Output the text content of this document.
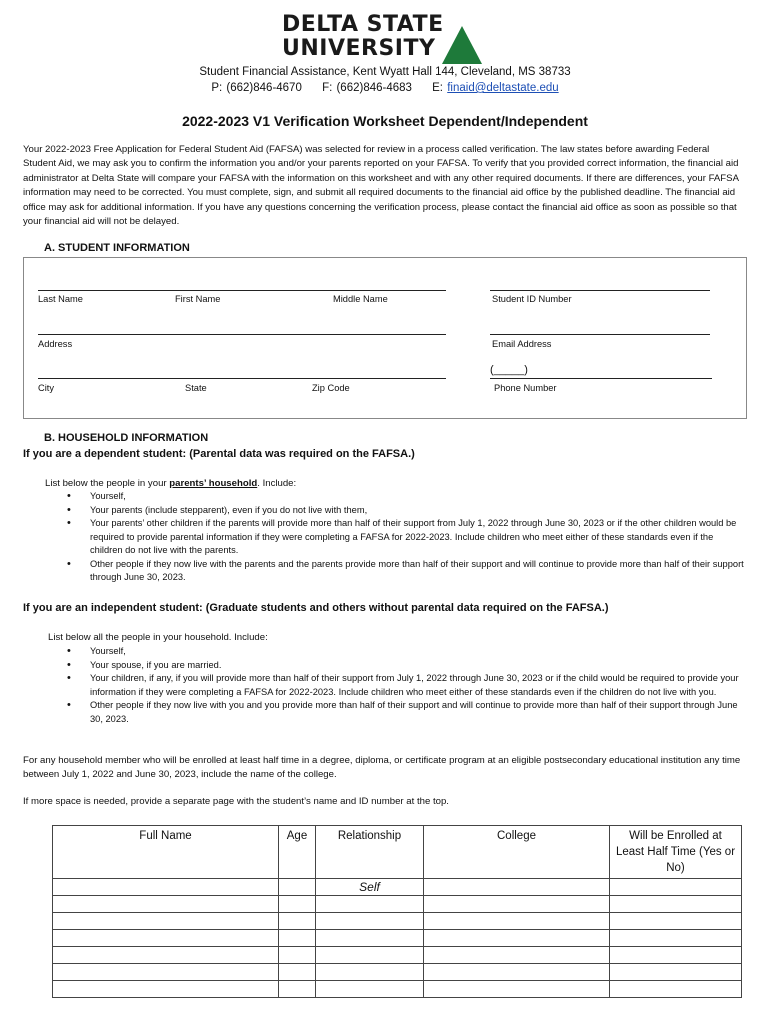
DELTA STATE
UNIVERSITY
Student Financial Assistance, Kent Wyatt Hall 144, Cleveland, MS 38733
P: (662)846-4670 F: (662)846-4683 E: finaid@deltastate.edu
2022-2023 V1 Verification Worksheet Dependent/Independent
Your 2022-2023 Free Application for Federal Student Aid (FAFSA) was selected for review in a process called verification. The law states before awarding Federal Student Aid, we may ask you to confirm the information you and/or your parents reported on your FAFSA. To verify that you provided correct information, the financial aid administrator at Delta State will compare your FAFSA with the information on this worksheet and with any other required documents. If there are differences, your FAFSA information may need to be corrected. You must complete, sign, and submit all required documents to the financial aid office by the published deadline. The financial aid office may ask for additional information. If you have any questions concerning the verification process, please contact the financial aid office as soon as possible so that your financial aid will not be delayed.
A. STUDENT INFORMATION
Last Name	First Name	Middle Name	Student ID Number
Address	Email Address
(_____)
City	State	Zip Code	Phone Number
B. HOUSEHOLD INFORMATION
If you are a dependent student: (Parental data was required on the FAFSA.)
List below the people in your parents’ household. Include:
• Yourself,
• Your parents (include stepparent), even if you do not live with them,
• Your parents’ other children if the parents will provide more than half of their support from July 1, 2022 through June 30, 2023 or if the other children would be required to provide parental information if they were completing a FAFSA for 2022-2023. Include children who meet either of these standards even if the children do not live with the parents.
• Other people if they now live with the parents and the parents provide more than half of their support and will continue to provide more than half of their support through June 30, 2023.
If you are an independent student: (Graduate students and others without parental data required on the FAFSA.)
List below all the people in your household. Include:
• Yourself,
• Your spouse, if you are married.
• Your children, if any, if you will provide more than half of their support from July 1, 2022 through June 30, 2023 or if the child would be required to provide your information if they were completing a FAFSA for 2022-2023. Include children who meet either of these standards even if the children do not live with you.
• Other people if they now live with you and you provide more than half of their support and will continue to provide more than half of their support through June 30, 2023.
For any household member who will be enrolled at least half time in a degree, diploma, or certificate program at an eligible postsecondary educational institution any time between July 1, 2022 and June 30, 2023, include the name of the college.
If more space is needed, provide a separate page with the student’s name and ID number at the top.
Full Name	Age	Relationship	College	Will be Enrolled at Least Half Time (Yes or No)
		Self		
